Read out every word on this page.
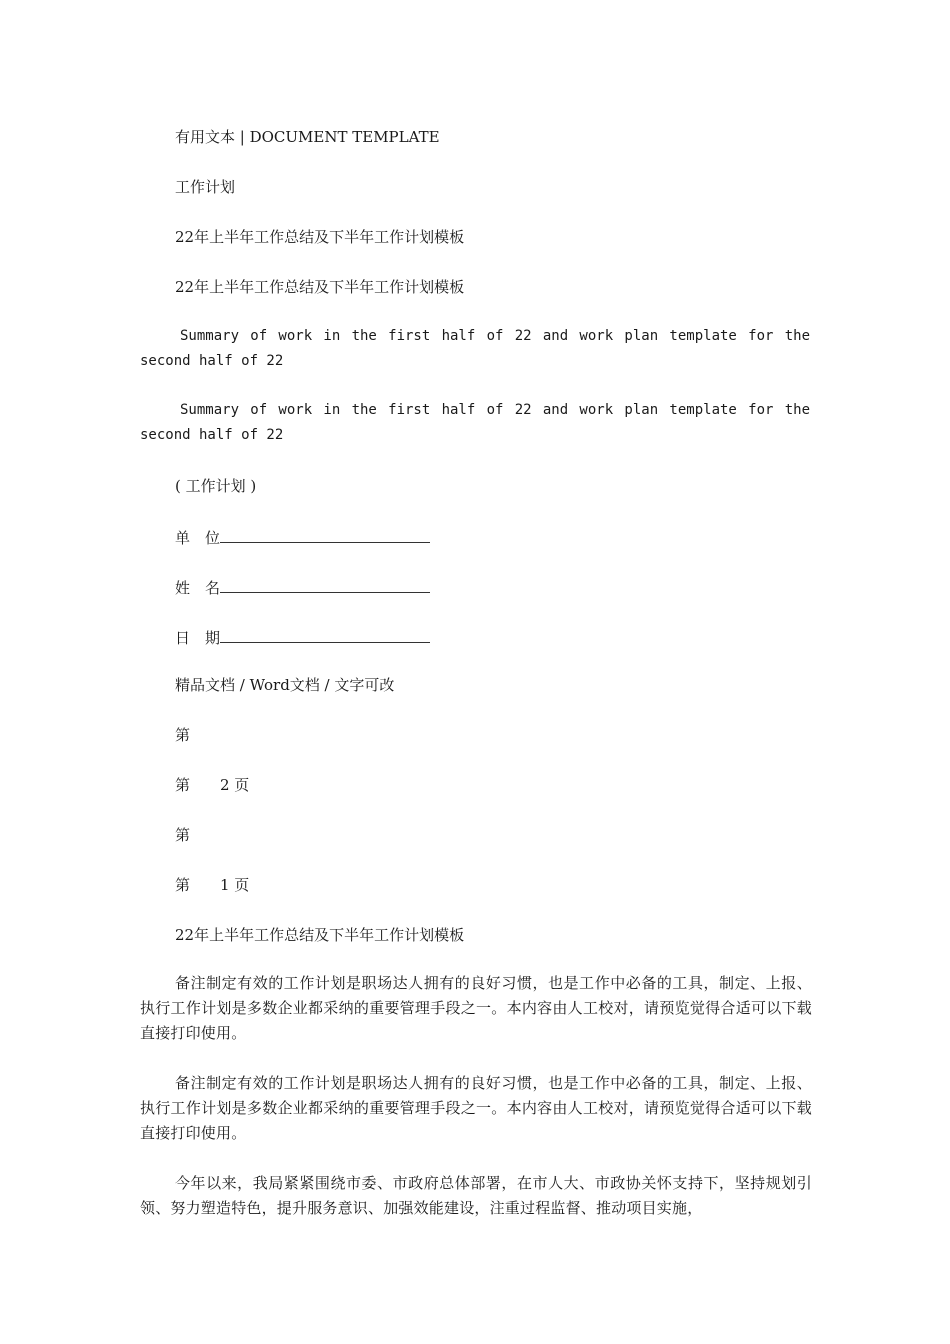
有用文本 | DOCUMENT TEMPLATE
工作计划
22年上半年工作总结及下半年工作计划模板
22年上半年工作总结及下半年工作计划模板
Summary of work in the first half of 22 and work plan template for the second half of 22
Summary of work in the first half of 22 and work plan template for the second half of 22
( 工作计划 )
单　位
姓　名
日　期
精品文档 / Word文档 / 文字可改
第
第　　2 页
第
第　　1 页
22年上半年工作总结及下半年工作计划模板
备注制定有效的工作计划是职场达人拥有的良好习惯，也是工作中必备的工具，制定、上报、执行工作计划是多数企业都采纳的重要管理手段之一。本内容由人工校对，请预览觉得合适可以下载直接打印使用。
备注制定有效的工作计划是职场达人拥有的良好习惯，也是工作中必备的工具，制定、上报、执行工作计划是多数企业都采纳的重要管理手段之一。本内容由人工校对，请预览觉得合适可以下载直接打印使用。
今年以来，我局紧紧围绕市委、市政府总体部署，在市人大、市政协关怀支持下，坚持规划引领、努力塑造特色，提升服务意识、加强效能建设，注重过程监督、推动项目实施，
